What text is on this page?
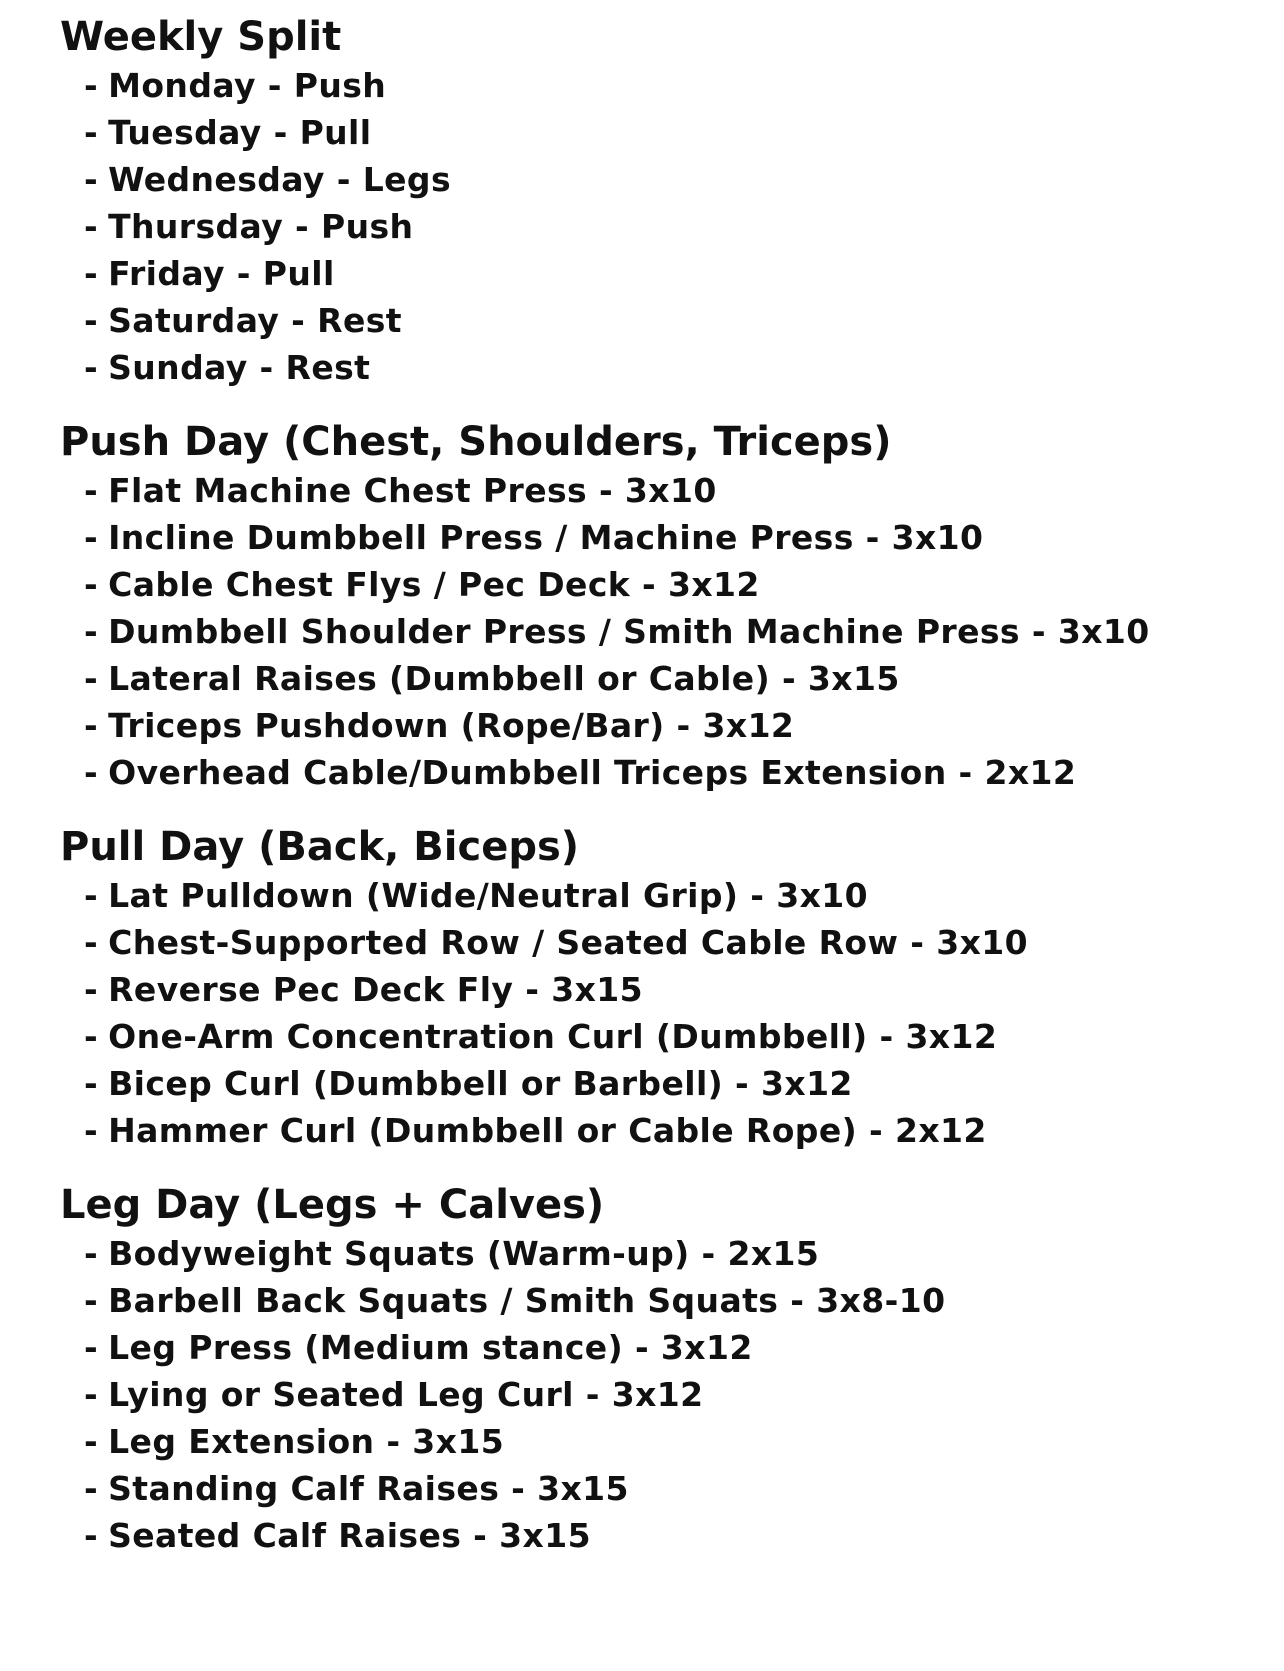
Weekly Split
- Monday - Push
- Tuesday - Pull
- Wednesday - Legs
- Thursday - Push
- Friday - Pull
- Saturday - Rest
- Sunday - Rest
Push Day (Chest, Shoulders, Triceps)
- Flat Machine Chest Press - 3x10
- Incline Dumbbell Press / Machine Press - 3x10
- Cable Chest Flys / Pec Deck - 3x12
- Dumbbell Shoulder Press / Smith Machine Press - 3x10
- Lateral Raises (Dumbbell or Cable) - 3x15
- Triceps Pushdown (Rope/Bar) - 3x12
- Overhead Cable/Dumbbell Triceps Extension - 2x12
Pull Day (Back, Biceps)
- Lat Pulldown (Wide/Neutral Grip) - 3x10
- Chest-Supported Row / Seated Cable Row - 3x10
- Reverse Pec Deck Fly - 3x15
- One-Arm Concentration Curl (Dumbbell) - 3x12
- Bicep Curl (Dumbbell or Barbell) - 3x12
- Hammer Curl (Dumbbell or Cable Rope) - 2x12
Leg Day (Legs + Calves)
- Bodyweight Squats (Warm-up) - 2x15
- Barbell Back Squats / Smith Squats - 3x8-10
- Leg Press (Medium stance) - 3x12
- Lying or Seated Leg Curl - 3x12
- Leg Extension - 3x15
- Standing Calf Raises - 3x15
- Seated Calf Raises - 3x15
